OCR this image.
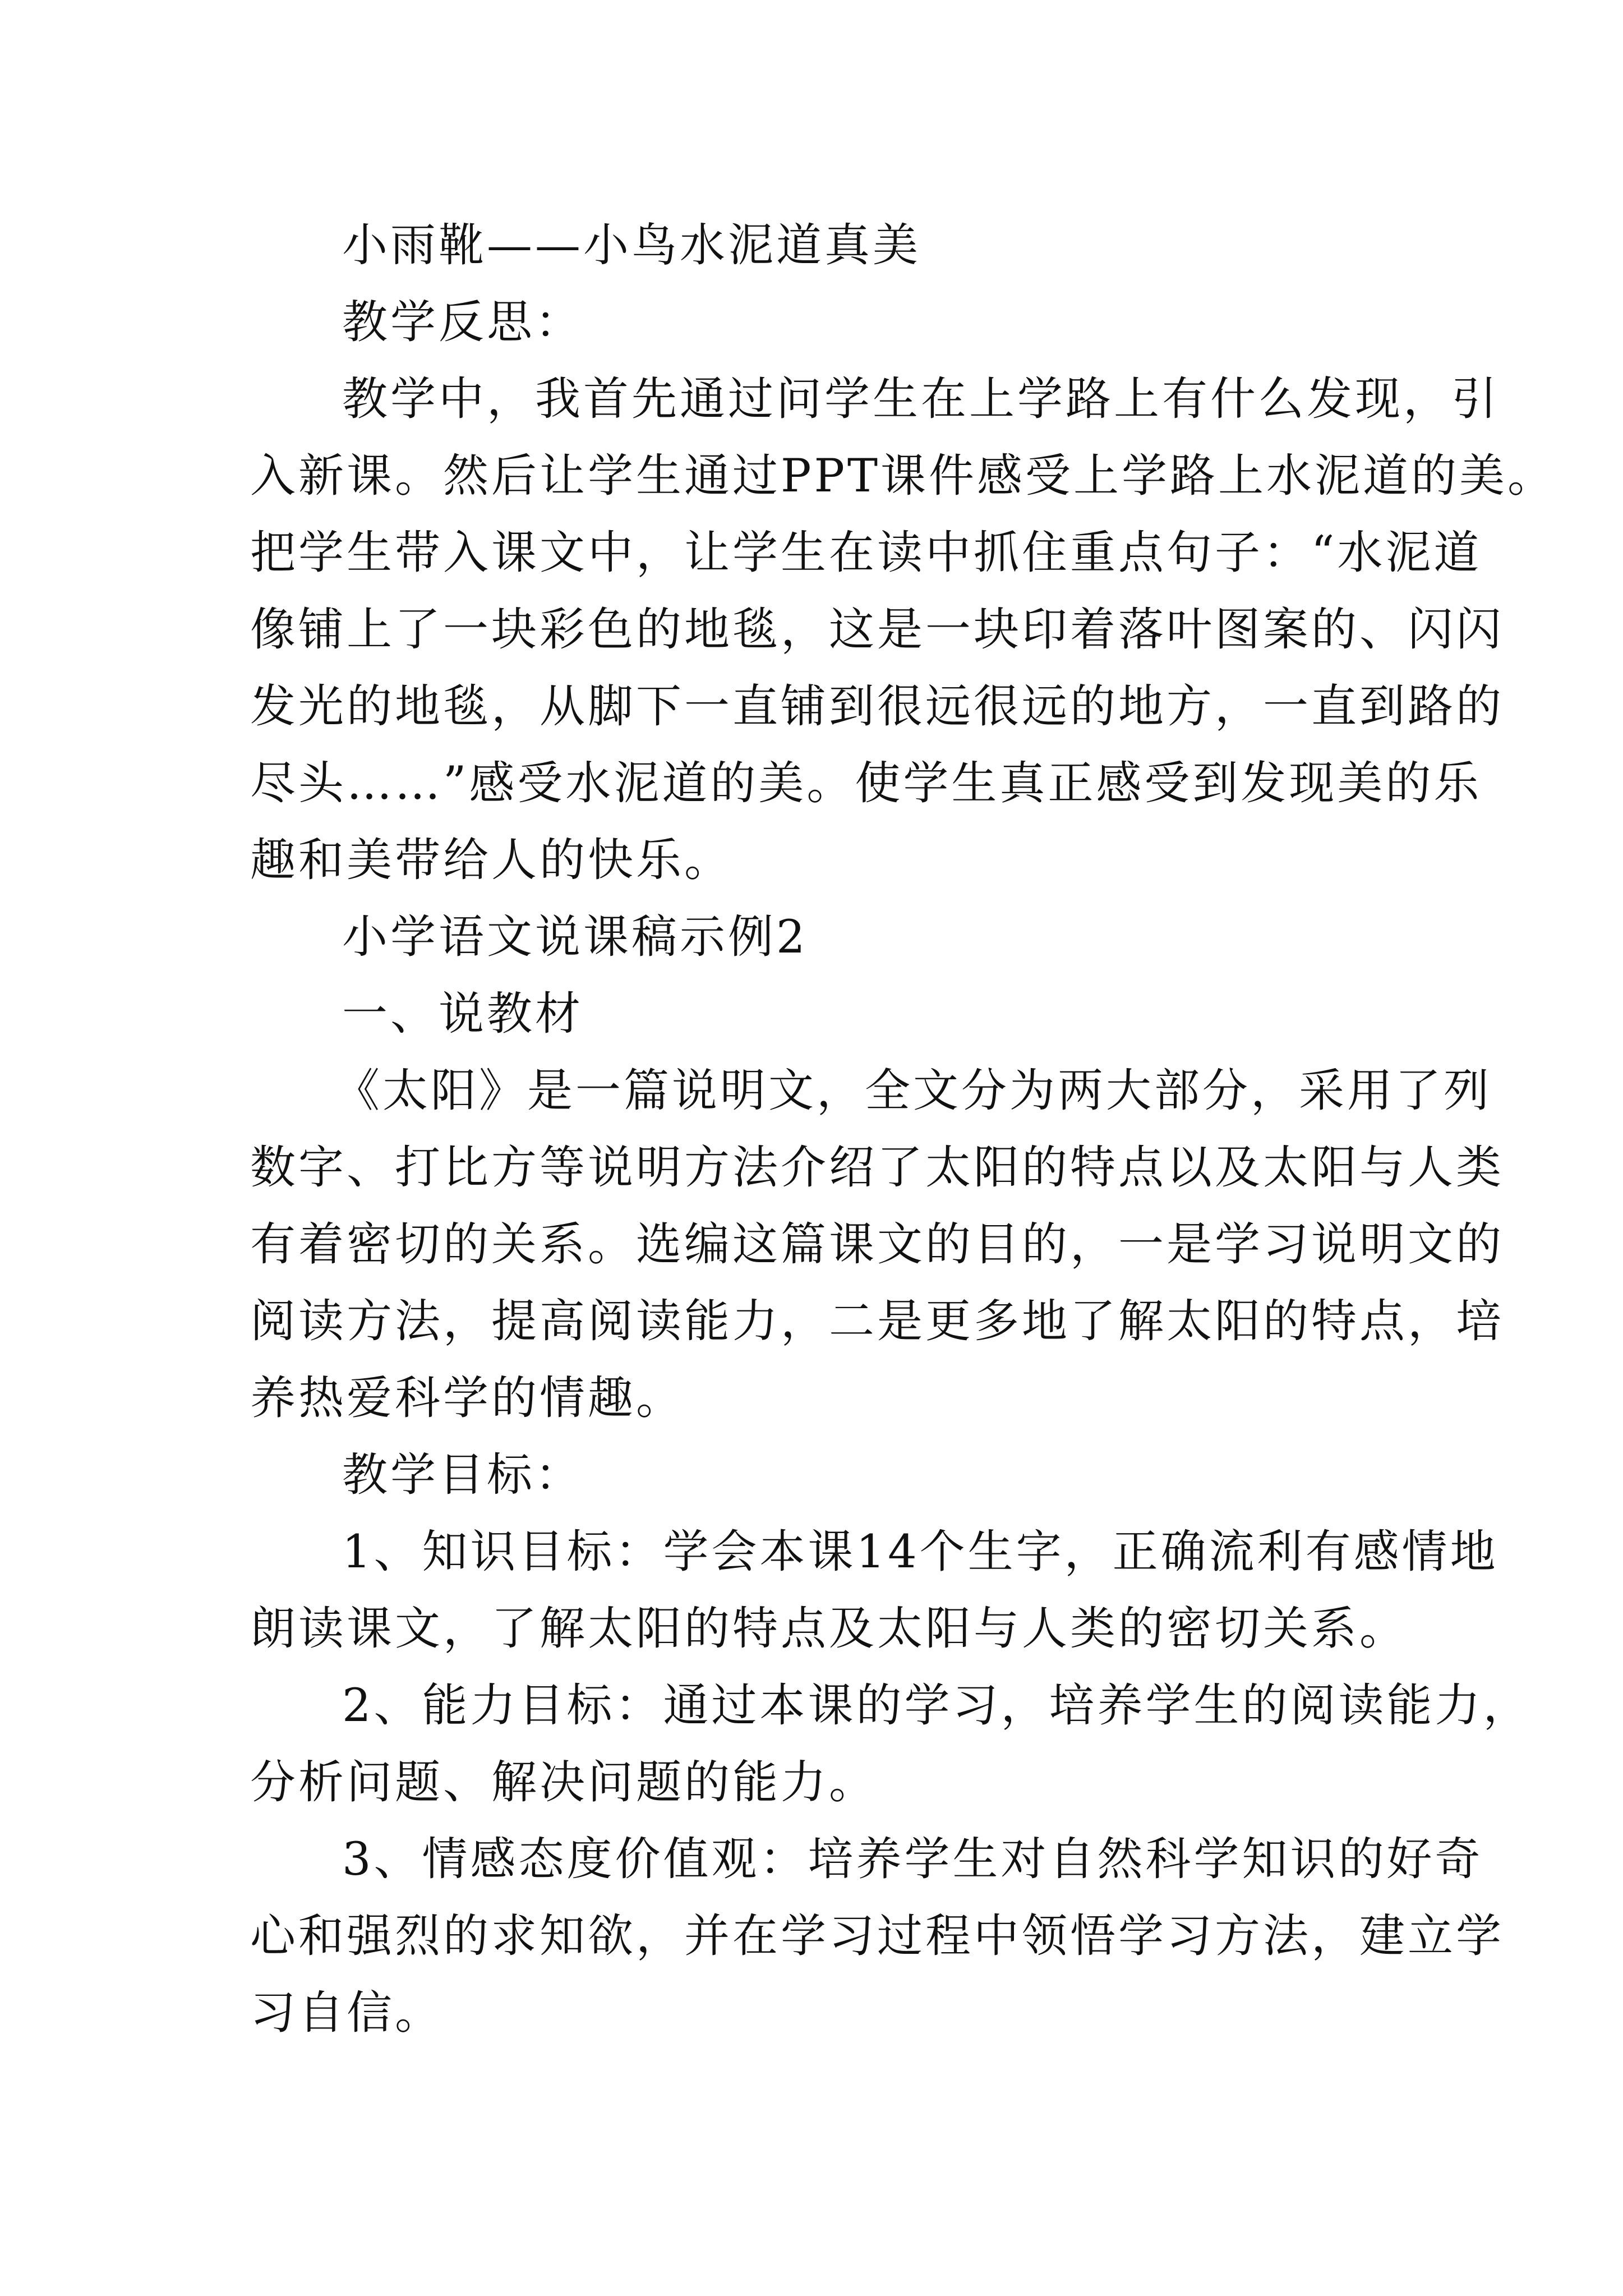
小雨靴——小鸟水泥道真美
教学反思：
教学中，我首先通过问学生在上学路上有什么发现，引
入新课。然后让学生通过PPT课件感受上学路上水泥道的美。
把学生带入课文中，让学生在读中抓住重点句子：“水泥道
像铺上了一块彩色的地毯，这是一块印着落叶图案的、闪闪
发光的地毯，从脚下一直铺到很远很远的地方，一直到路的
尽头……”感受水泥道的美。使学生真正感受到发现美的乐
趣和美带给人的快乐。
小学语文说课稿示例2
一、说教材
《太阳》是一篇说明文，全文分为两大部分，采用了列
数字、打比方等说明方法介绍了太阳的特点以及太阳与人类
有着密切的关系。选编这篇课文的目的，一是学习说明文的
阅读方法，提高阅读能力，二是更多地了解太阳的特点，培
养热爱科学的情趣。
教学目标：
1、知识目标：学会本课14个生字，正确流利有感情地
朗读课文，了解太阳的特点及太阳与人类的密切关系。
2、能力目标：通过本课的学习，培养学生的阅读能力，
分析问题、解决问题的能力。
3、情感态度价值观：培养学生对自然科学知识的好奇
心和强烈的求知欲，并在学习过程中领悟学习方法，建立学
习自信。
